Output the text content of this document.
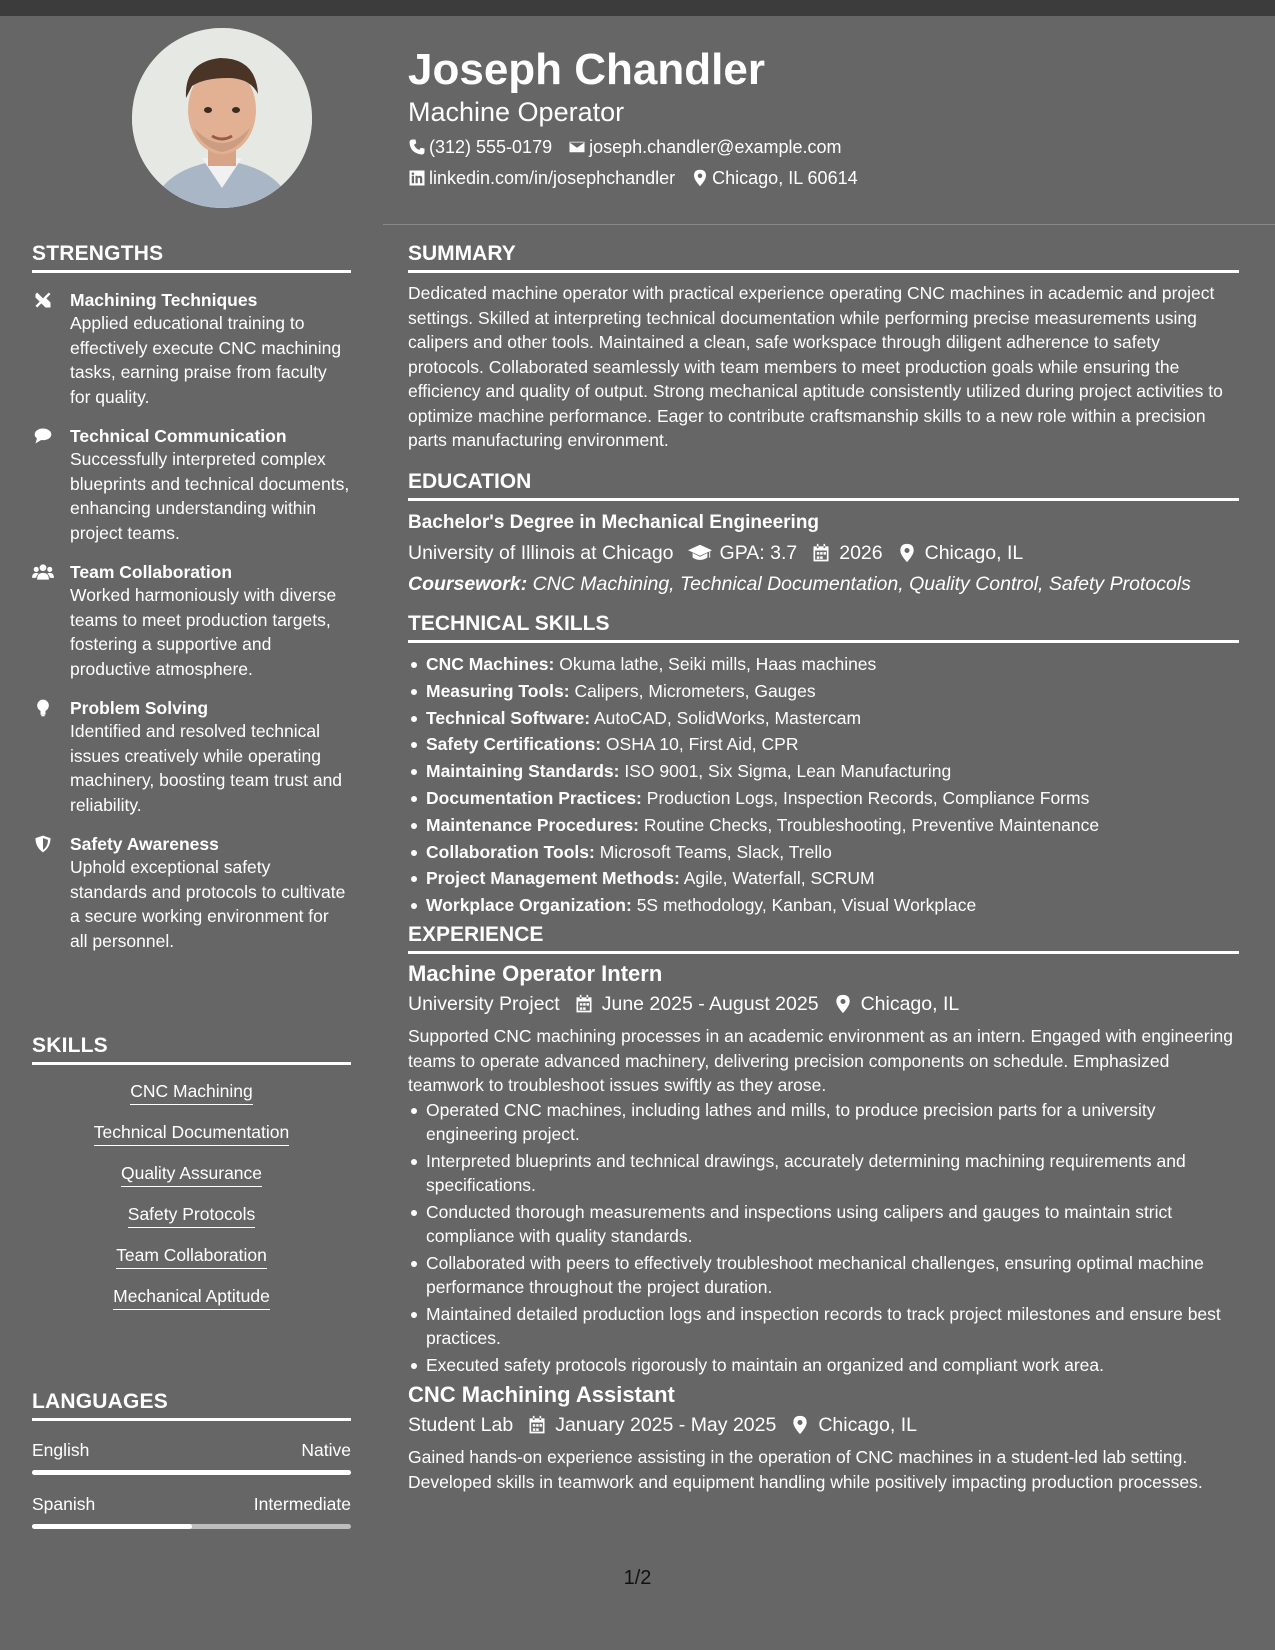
STRENGTHS
Machining Techniques
Applied educational training to effectively execute CNC machining tasks, earning praise from faculty for quality.
Technical Communication
Successfully interpreted complex blueprints and technical documents, enhancing understanding within project teams.
Team Collaboration
Worked harmoniously with diverse teams to meet production targets, fostering a supportive and productive atmosphere.
Problem Solving
Identified and resolved technical issues creatively while operating machinery, boosting team trust and reliability.
Safety Awareness
Uphold exceptional safety standards and protocols to cultivate a secure working environment for all personnel.
SKILLS
CNC Machining
Technical Documentation
Quality Assurance
Safety Protocols
Team Collaboration
Mechanical Aptitude
LANGUAGES
English	Native
Spanish	Intermediate
Joseph Chandler
Machine Operator
(312) 555-0179 joseph.chandler@example.com
linkedin.com/in/josephchandler Chicago, IL 60614
SUMMARY
Dedicated machine operator with practical experience operating CNC machines in academic and project settings. Skilled at interpreting technical documentation while performing precise measurements using calipers and other tools. Maintained a clean, safe workspace through diligent adherence to safety protocols. Collaborated seamlessly with team members to meet production goals while ensuring the efficiency and quality of output. Strong mechanical aptitude consistently utilized during project activities to optimize machine performance. Eager to contribute craftsmanship skills to a new role within a precision parts manufacturing environment.
EDUCATION
Bachelor's Degree in Mechanical Engineering
University of Illinois at Chicago GPA: 3.7 2026 Chicago, IL
Coursework: CNC Machining, Technical Documentation, Quality Control, Safety Protocols
TECHNICAL SKILLS
CNC Machines: Okuma lathe, Seiki mills, Haas machines
Measuring Tools: Calipers, Micrometers, Gauges
Technical Software: AutoCAD, SolidWorks, Mastercam
Safety Certifications: OSHA 10, First Aid, CPR
Maintaining Standards: ISO 9001, Six Sigma, Lean Manufacturing
Documentation Practices: Production Logs, Inspection Records, Compliance Forms
Maintenance Procedures: Routine Checks, Troubleshooting, Preventive Maintenance
Collaboration Tools: Microsoft Teams, Slack, Trello
Project Management Methods: Agile, Waterfall, SCRUM
Workplace Organization: 5S methodology, Kanban, Visual Workplace
EXPERIENCE
Machine Operator Intern
University Project June 2025 - August 2025 Chicago, IL
Supported CNC machining processes in an academic environment as an intern. Engaged with engineering teams to operate advanced machinery, delivering precision components on schedule. Emphasized teamwork to troubleshoot issues swiftly as they arose.
Operated CNC machines, including lathes and mills, to produce precision parts for a university engineering project.
Interpreted blueprints and technical drawings, accurately determining machining requirements and specifications.
Conducted thorough measurements and inspections using calipers and gauges to maintain strict compliance with quality standards.
Collaborated with peers to effectively troubleshoot mechanical challenges, ensuring optimal machine performance throughout the project duration.
Maintained detailed production logs and inspection records to track project milestones and ensure best practices.
Executed safety protocols rigorously to maintain an organized and compliant work area.
CNC Machining Assistant
Student Lab January 2025 - May 2025 Chicago, IL
Gained hands-on experience assisting in the operation of CNC machines in a student-led lab setting. Developed skills in teamwork and equipment handling while positively impacting production processes.
1/2
